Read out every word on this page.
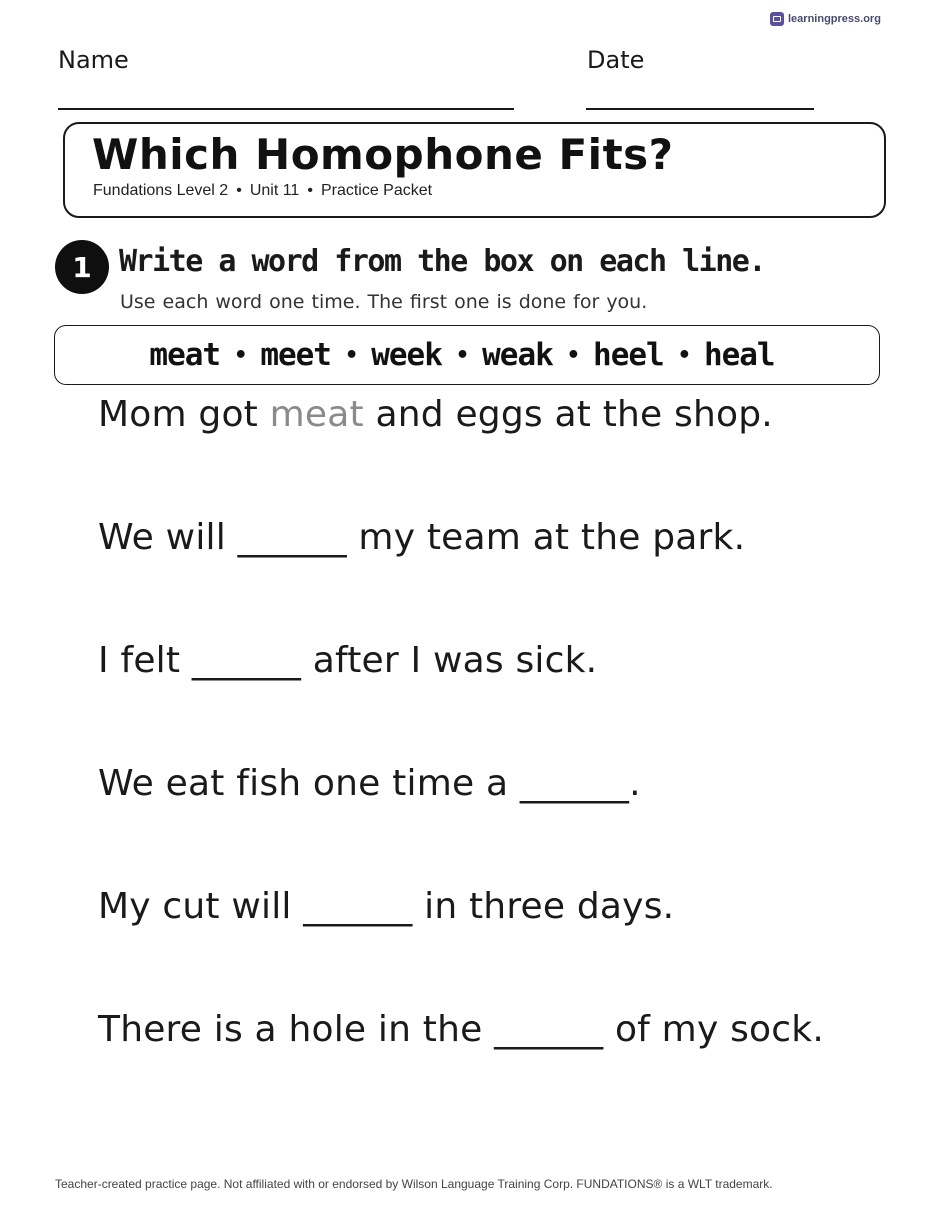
learningpress.org
Name	Date
Which Homophone Fits?
Fundations Level 2 • Unit 11 • Practice Packet
1 Write a word from the box on each line.
Use each word one time. The first one is done for you.
meat • meet • week • weak • heel • heal
Mom got meat and eggs at the shop.
We will ______ my team at the park.
I felt ______ after I was sick.
We eat fish one time a ______.
My cut will ______ in three days.
There is a hole in the ______ of my sock.
Teacher-created practice page. Not affiliated with or endorsed by Wilson Language Training Corp. FUNDATIONS® is a WLT trademark.
